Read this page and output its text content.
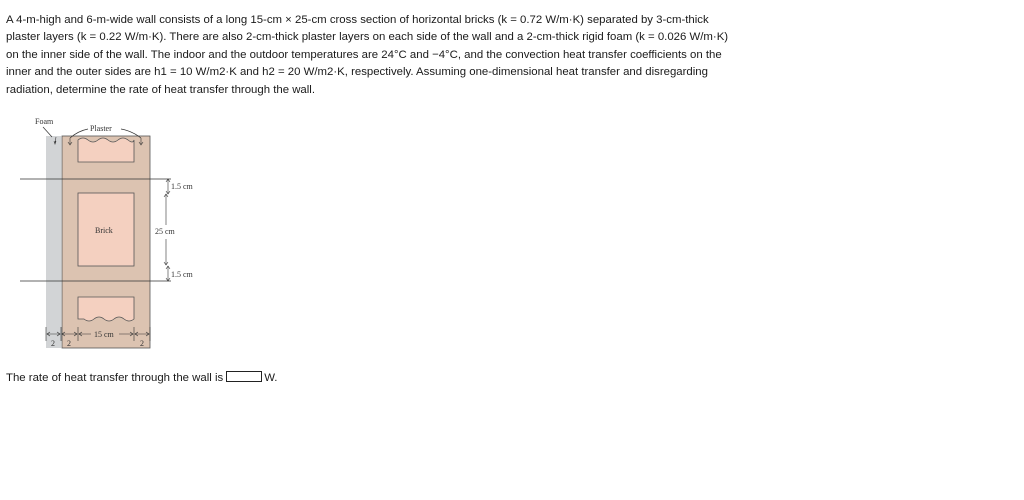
A 4-m-high and 6-m-wide wall consists of a long 15-cm × 25-cm cross section of horizontal bricks (k = 0.72 W/m·K) separated by 3-cm-thick plaster layers (k = 0.22 W/m·K). There are also 2-cm-thick plaster layers on each side of the wall and a 2-cm-thick rigid foam (k = 0.026 W/m·K) on the inner side of the wall. The indoor and the outdoor temperatures are 24°C and −4°C, and the convection heat transfer coefficients on the inner and the outer sides are h1 = 10 W/m2·K and h2 = 20 W/m2·K, respectively. Assuming one-dimensional heat transfer and disregarding radiation, determine the rate of heat transfer through the wall.

Foam
Plaster
Brick
1.5 cm
25 cm
1.5 cm
15 cm
2 2	2
The rate of heat transfer through the wall is	W.
